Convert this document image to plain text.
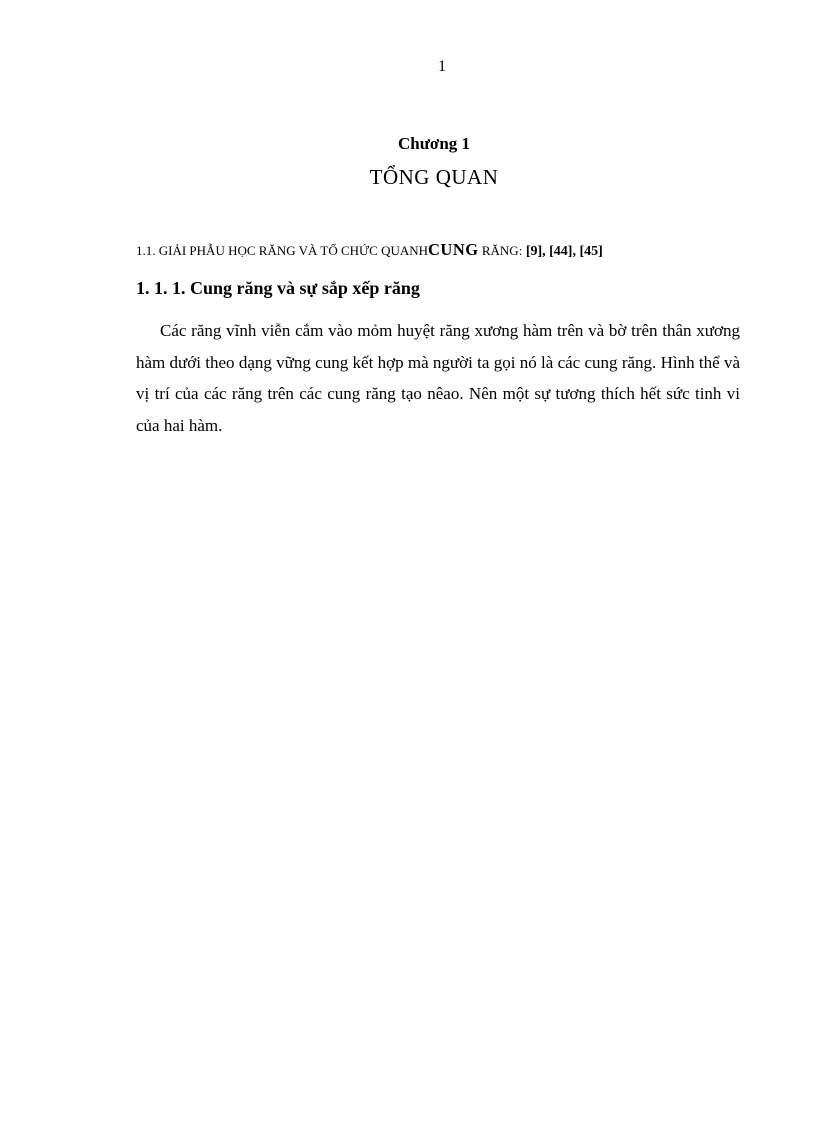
1
Chương 1
TỔNG QUAN
1.1. GIẢI PHẪU HỌC RĂNG VÀ TỔ CHỨC QUANHCUNG RĂNG: [9], [44], [45]
1. 1. 1. Cung răng và sự sắp xếp răng

Các răng vĩnh viễn cắm vào mỏm huyệt răng xương hàm trên và bờ trên thân xương hàm dưới theo dạng vững cung kết hợp mà người ta gọi nó là các cung răng. Hình thể và vị trí của các răng trên các cung răng tạo nêao. Nên một sự tương thích hết sức tinh vi của hai hàm.
